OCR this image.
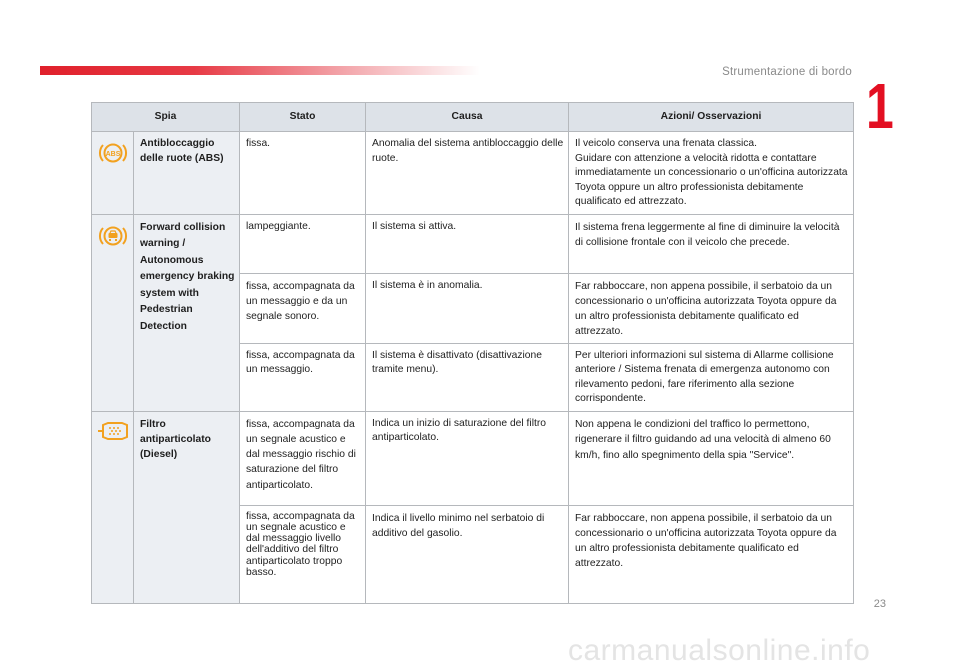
Strumentazione di bordo 1
Spia		Stato	Causa	Azioni/ Osservazioni

ABS	Antibloccaggio delle ruote (ABS)	fissa.	Anomalia del sistema antibloccaggio delle ruote.	Il veicolo conserva una frenata classica.
Guidare con attenzione a velocità ridotta e contattare immediatamente un concessionario o un'officina autorizzata Toyota oppure un altro professionista debitamente qualificato ed attrezzato.
	Forward collision warning / Autonomous emergency braking system with Pedestrian Detection	lampeggiante.	Il sistema si attiva.	Il sistema frena leggermente al fine di diminuire la velocità di collisione frontale con il veicolo che precede.
		fissa, accompagnata da un messaggio e da un segnale sonoro.	Il sistema è in anomalia.	Far rabboccare, non appena possibile, il serbatoio da un concessionario o un'officina autorizzata Toyota oppure da un altro professionista debitamente qualificato ed attrezzato.
		fissa, accompagnata da un messaggio.	Il sistema è disattivato (disattivazione tramite menu).	Per ulteriori informazioni sul sistema di Allarme collisione anteriore / Sistema frenata di emergenza autonomo con rilevamento pedoni, fare riferimento alla sezione corrispondente.
	Filtro antiparticolato (Diesel)	fissa, accompagnata da un segnale acustico e dal messaggio rischio di saturazione del filtro antiparticolato.	Indica un inizio di saturazione del filtro antiparticolato.	Non appena le condizioni del traffico lo permettono, rigenerare il filtro guidando ad una velocità di almeno 60 km/h, fino allo spegnimento della spia "Service".
		fissa, accompagnata da un segnale acustico e dal messaggio livello dell'additivo del filtro antiparticolato troppo basso.	Indica il livello minimo nel serbatoio di additivo del gasolio.	Far rabboccare, non appena possibile, il serbatoio da un concessionario o un'officina autorizzata Toyota oppure da un altro professionista debitamente qualificato ed attrezzato.
23
carmanualsonline.info
